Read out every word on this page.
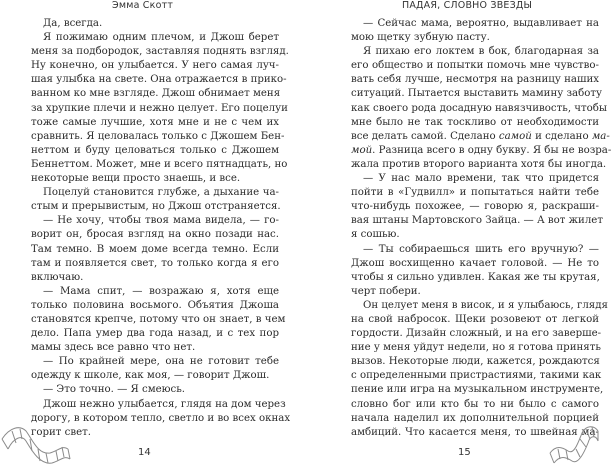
Эмма Скотт
Да, всегда.
Я пожимаю одним плечом, и Джош берет
меня за подбородок, заставляя поднять взгляд.
Ну конечно, он улыбается. У него самая луч-
шая улыбка на свете. Она отражается в прико-
ванном ко мне взгляде. Джош обнимает меня
за хрупкие плечи и нежно целует. Его поцелуи
тоже самые лучшие, хотя мне и не с чем их
сравнить. Я целовалась только с Джошем Бен-
неттом и буду целоваться только с Джошем
Беннеттом. Может, мне и всего пятнадцать, но
некоторые вещи просто знаешь, и все.
Поцелуй становится глубже, а дыхание ча-
стым и прерывистым, но Джош отстраняется.
— Не хочу, чтобы твоя мама видела, — го-
ворит он, бросая взгляд на окно позади нас.
Там темно. В моем доме всегда темно. Если
там и появляется свет, то только когда я его
включаю.
— Мама спит, — возражаю я, хотя еще
только половина восьмого. Объятия Джоша
становятся крепче, потому что он знает, в чем
дело. Папа умер два года назад, и с тех пор
мамы здесь все равно что нет.
— По крайней мере, она не готовит тебе
одежду к школе, как моя, — говорит Джош.
— Это точно. — Я смеюсь.
Джош нежно улыбается, глядя на дом через
дорогу, в котором тепло, светло и во всех окнах
горит свет.
14
ПАДАЯ, СЛОВНО ЗВЕЗДЫ
— Сейчас мама, вероятно, выдавливает на
мою щетку зубную пасту.
Я пихаю его локтем в бок, благодарная за
его общество и попытки помочь мне чувство-
вать себя лучше, несмотря на разницу наших
ситуаций. Пытается выставить мамину заботу
как своего рода досадную навязчивость, чтобы
мне было не так тоскливо от необходимости
все делать самой. Сделано самой и сделано ма-
мой. Разница всего в одну букву. Я бы не возра-
жала против второго варианта хотя бы иногда.
— У нас мало времени, так что придется
пойти в «Гудвилл» и попытаться найти тебе
что-нибудь похожее, — говорю я, раскраши-
вая штаны Мартовского Зайца. — А вот жилет
я сошью.
— Ты собираешься шить его вручную? —
Джош восхищенно качает головой. — Не то
чтобы я сильно удивлен. Какая же ты крутая,
черт побери.
Он целует меня в висок, и я улыбаюсь, глядя
на свой набросок. Щеки розовеют от легкой
гордости. Дизайн сложный, и на его заверше-
ние у меня уйдут недели, но я готова принять
вызов. Некоторые люди, кажется, рождаются
с определенными пристрастиями, такими как
пение или игра на музыкальном инструменте,
словно бог или кто бы то ни было с самого
начала наделил их дополнительной порцией
амбиций. Что касается меня, то швейная ма-
15
